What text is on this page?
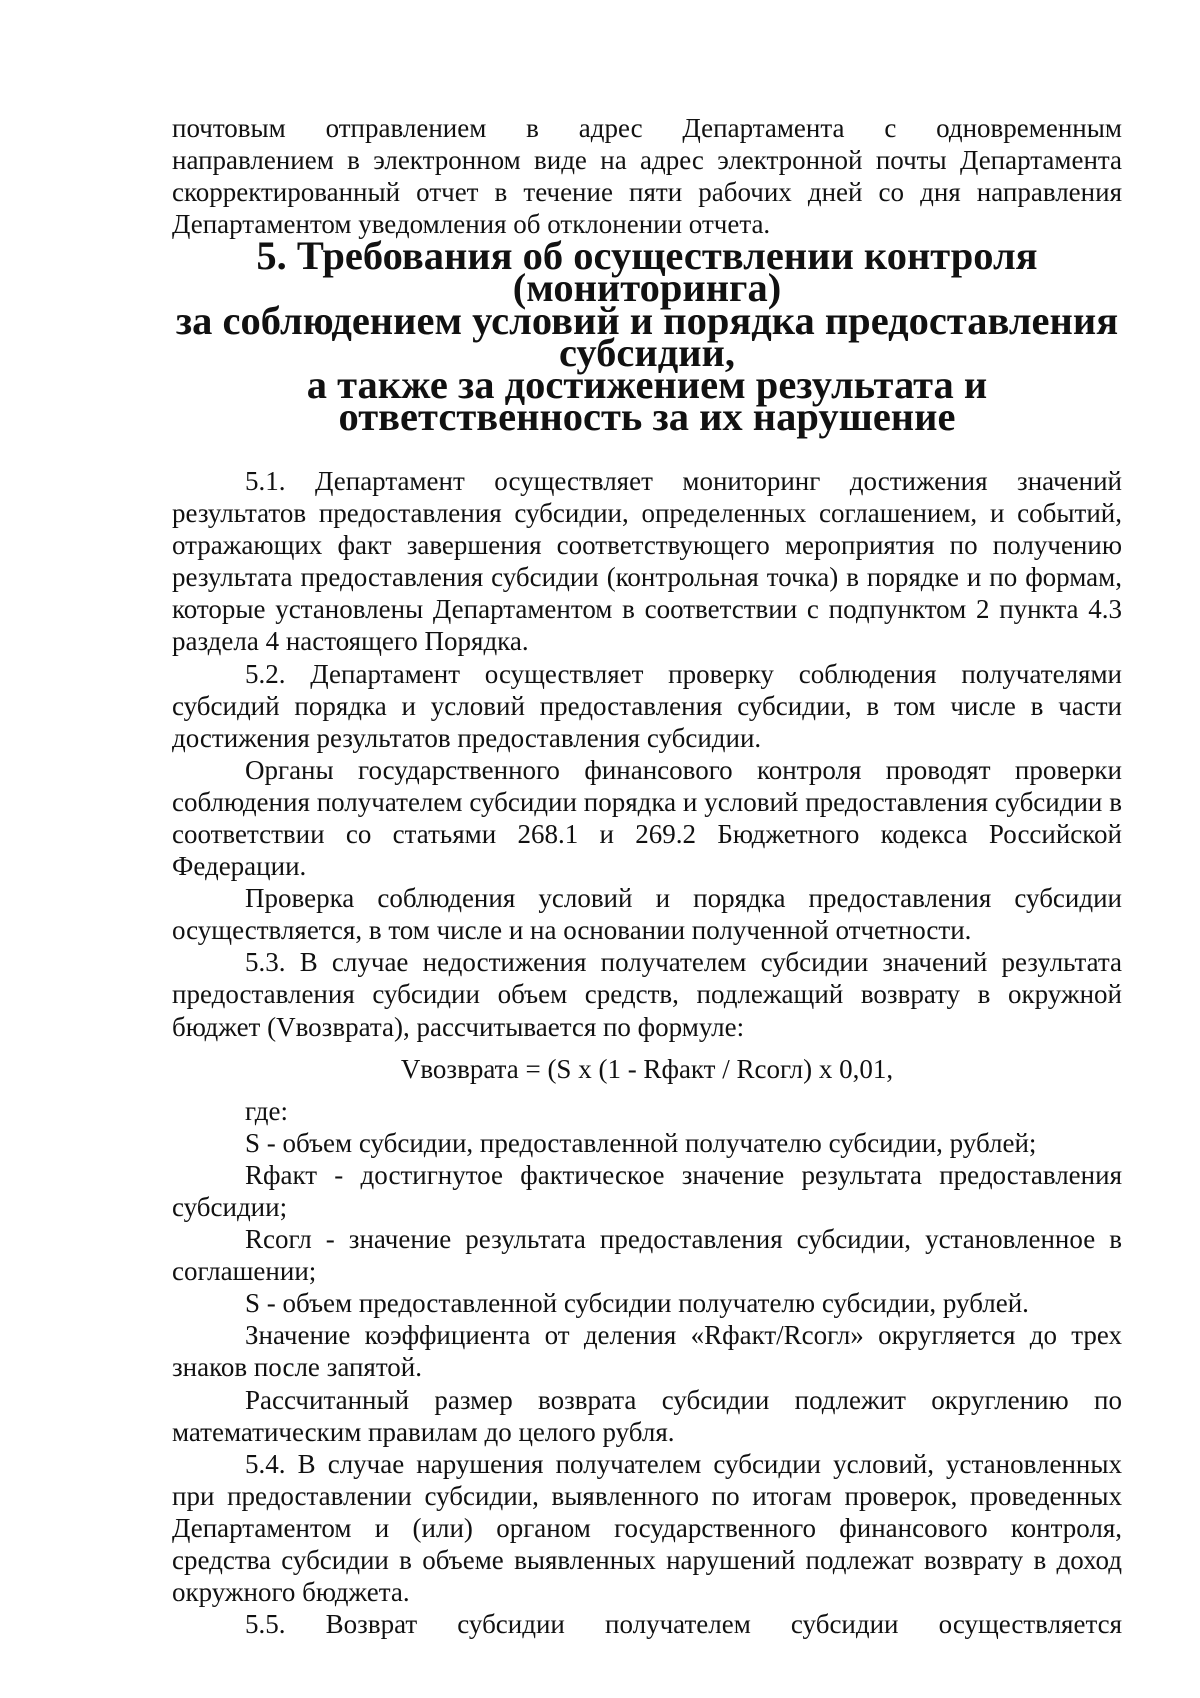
почтовым отправлением в адрес Департамента с одновременным

направлением в электронном виде на адрес электронной почты Департамента скорректированный отчет в течение пяти рабочих дней со дня направления Департаментом уведомления об отклонении отчета.

5. Требования об осуществлении контроля (мониторинга)
за соблюдением условий и порядка предоставления субсидии,
а также за достижением результата и ответственность за их нарушение

5.1. Департамент осуществляет мониторинг достижения значений результатов предоставления субсидии, определенных соглашением, и событий, отражающих факт завершения соответствующего мероприятия по получению результата предоставления субсидии (контрольная точка) в порядке и по формам, которые установлены Департаментом в соответствии с подпунктом 2 пункта 4.3 раздела 4 настоящего Порядка.

5.2. Департамент осуществляет проверку соблюдения получателями субсидий порядка и условий предоставления субсидии, в том числе в части достижения результатов предоставления субсидии.

Органы государственного финансового контроля проводят проверки соблюдения получателем субсидии порядка и условий предоставления субсидии в соответствии со статьями 268.1 и 269.2 Бюджетного кодекса Российской Федерации.

Проверка соблюдения условий и порядка предоставления субсидии осуществляется, в том числе и на основании полученной отчетности.

5.3. В случае недостижения получателем субсидии значений результата предоставления субсидии объем средств, подлежащий возврату в окружной бюджет (Vвозврата), рассчитывается по формуле:

Vвозврата = (S x (1 - Rфакт / Rсогл) x 0,01,

где:

S - объем субсидии, предоставленной получателю субсидии, рублей;

Rфакт - достигнутое фактическое значение результата предоставления субсидии;

Rсогл - значение результата предоставления субсидии, установленное в соглашении;

S - объем предоставленной субсидии получателю субсидии, рублей.

Значение коэффициента от деления «Rфакт/Rсогл» округляется до трех знаков после запятой.

Рассчитанный размер возврата субсидии подлежит округлению по математическим правилам до целого рубля.

5.4. В случае нарушения получателем субсидии условий, установленных при предоставлении субсидии, выявленного по итогам проверок, проведенных Департаментом и (или) органом государственного финансового контроля, средства субсидии в объеме выявленных нарушений подлежат возврату в доход окружного бюджета.

5.5. Возврат субсидии получателем субсидии осуществляется
